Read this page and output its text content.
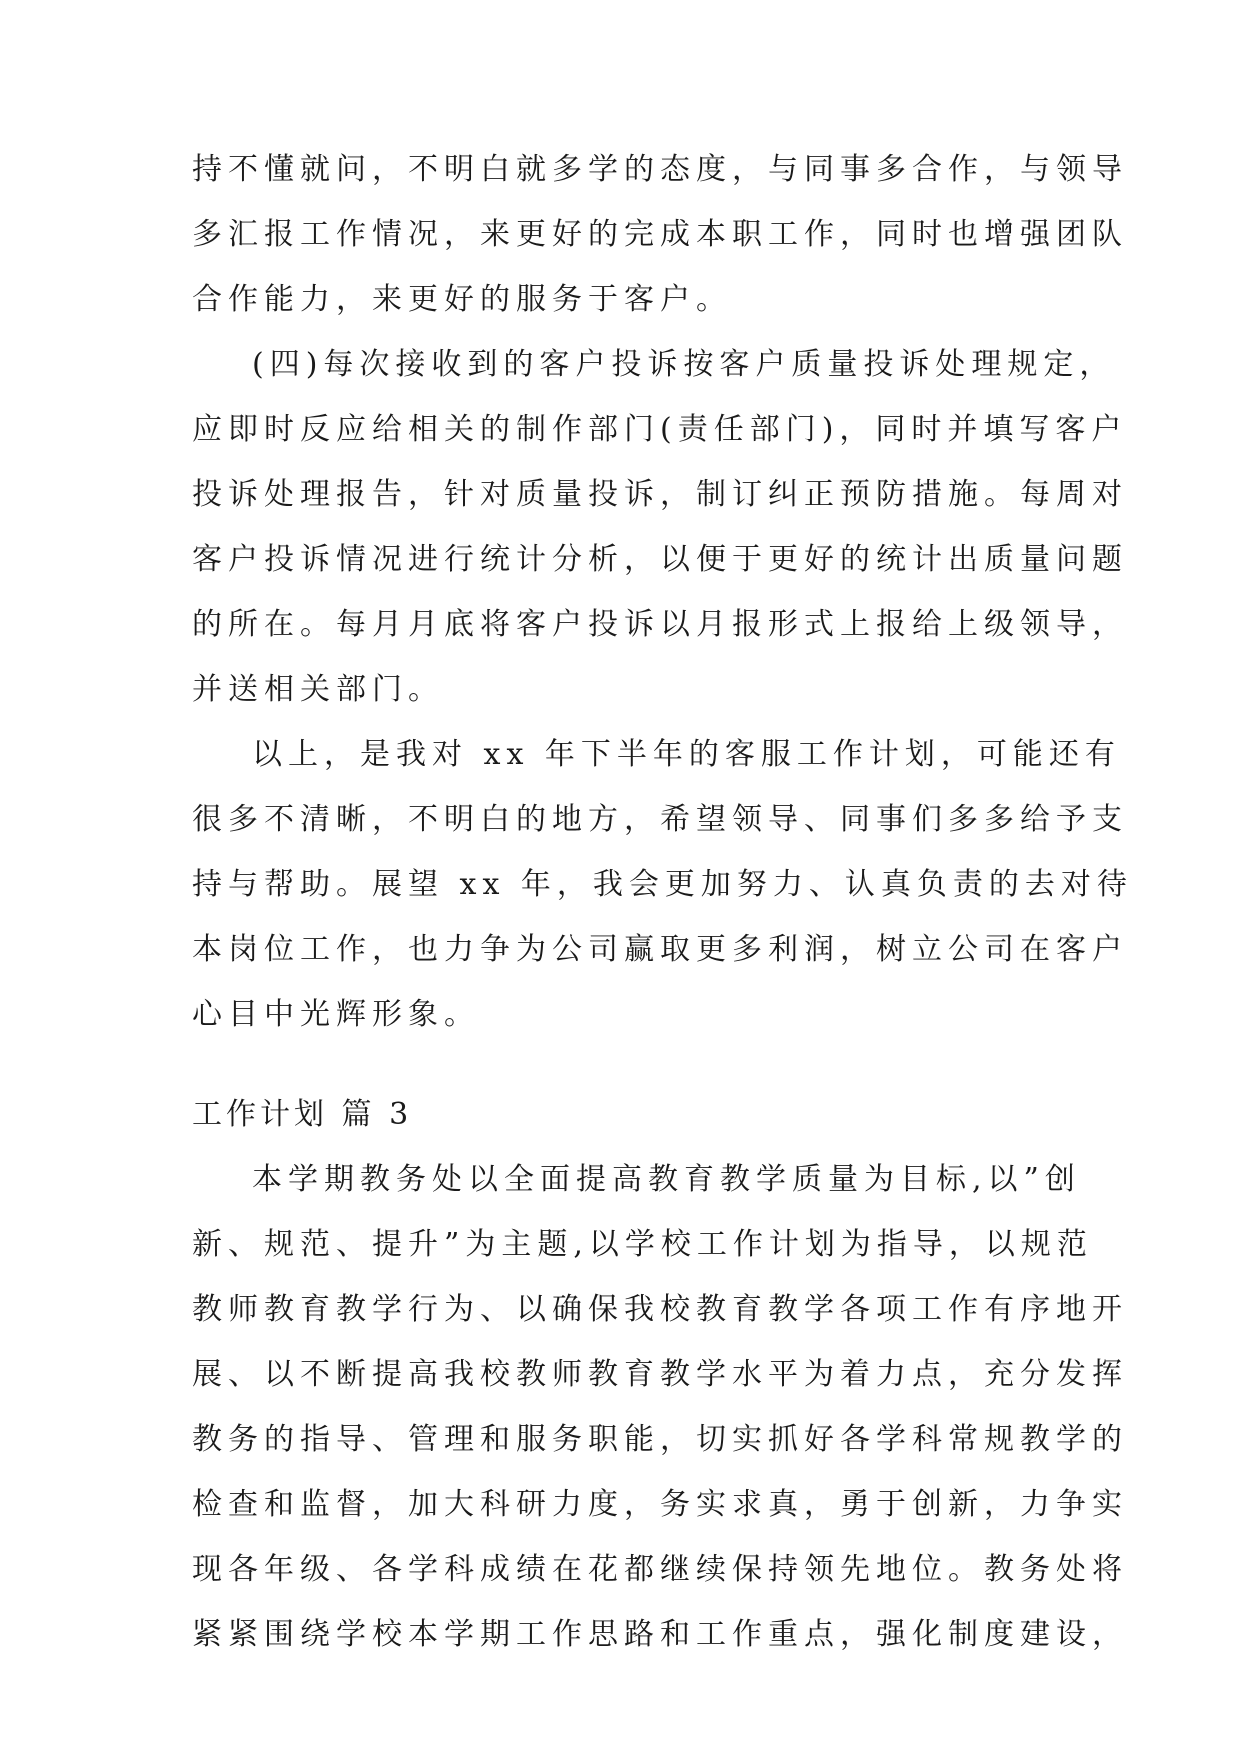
持不懂就问，不明白就多学的态度，与同事多合作，与领导
多汇报工作情况，来更好的完成本职工作，同时也增强团队
合作能力，来更好的服务于客户。
(四)每次接收到的客户投诉按客户质量投诉处理规定，
应即时反应给相关的制作部门(责任部门)，同时并填写客户
投诉处理报告，针对质量投诉，制订纠正预防措施。每周对
客户投诉情况进行统计分析，以便于更好的统计出质量问题
的所在。每月月底将客户投诉以月报形式上报给上级领导，
并送相关部门。
以上，是我对 xx 年下半年的客服工作计划，可能还有
很多不清晰，不明白的地方，希望领导、同事们多多给予支
持与帮助。展望 xx 年，我会更加努力、认真负责的去对待
本岗位工作，也力争为公司赢取更多利润，树立公司在客户
心目中光辉形象。
工作计划 篇 3
本学期教务处以全面提高教育教学质量为目标,以”创
新、规范、提升”为主题,以学校工作计划为指导，以规范
教师教育教学行为、以确保我校教育教学各项工作有序地开
展、以不断提高我校教师教育教学水平为着力点，充分发挥
教务的指导、管理和服务职能，切实抓好各学科常规教学的
检查和监督，加大科研力度，务实求真，勇于创新，力争实
现各年级、各学科成绩在花都继续保持领先地位。教务处将
紧紧围绕学校本学期工作思路和工作重点，强化制度建设，
